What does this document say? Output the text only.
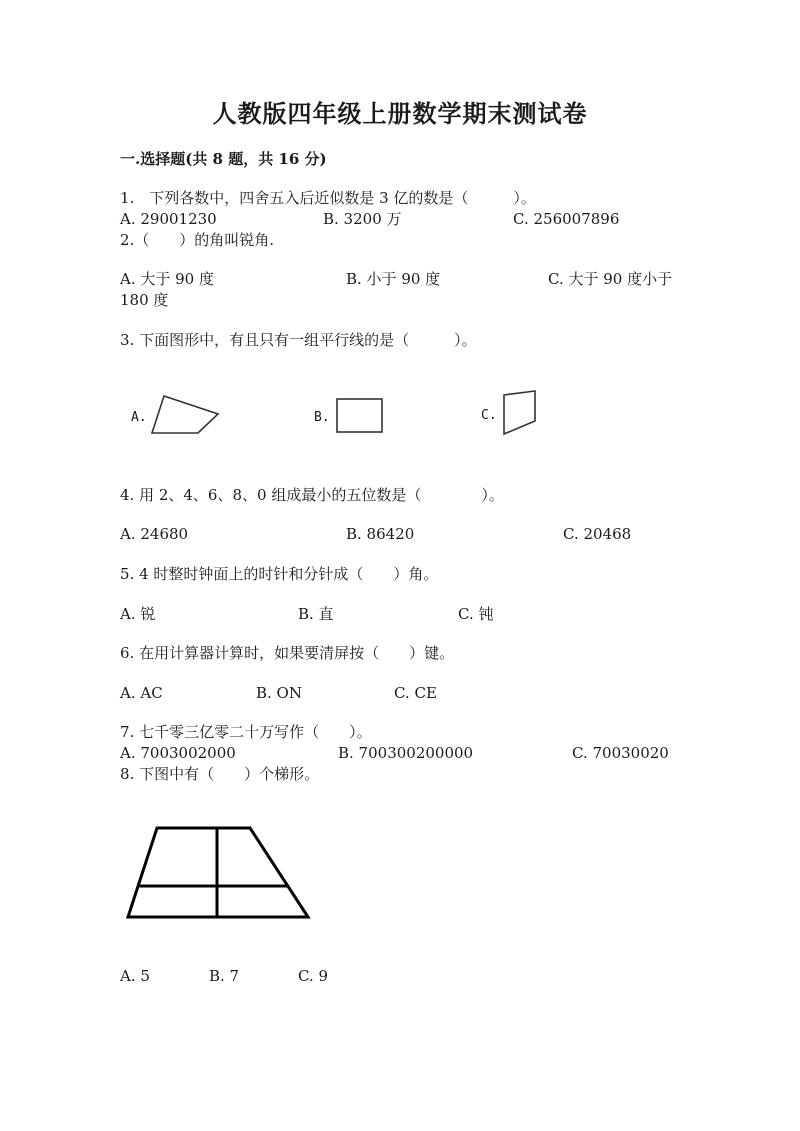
人教版四年级上册数学期末测试卷
一.选择题(共 8 题，共 16 分)
1.　下列各数中，四舍五入后近似数是 3 亿的数是（　　　）。
A. 29001230	B. 3200 万	C. 256007896
2.（　　）的角叫锐角.
A. 大于 90 度	B. 小于 90 度	C. 大于 90 度小于
180 度
3. 下面图形中，有且只有一组平行线的是（　　　）。
A.	B.	C.
4. 用 2、4、6、8、0 组成最小的五位数是（　　　　）。
A. 24680	B. 86420	C. 20468
5. 4 时整时钟面上的时针和分针成（　　）角。
A. 锐	B. 直	C. 钝
6. 在用计算器计算时，如果要清屏按（　　）键。
A. AC	B. ON	C. CE
7. 七千零三亿零二十万写作（　　）。
A. 7003002000	B. 700300200000	C. 70030020
8. 下图中有（　　）个梯形。
A. 5	B. 7	C. 9
